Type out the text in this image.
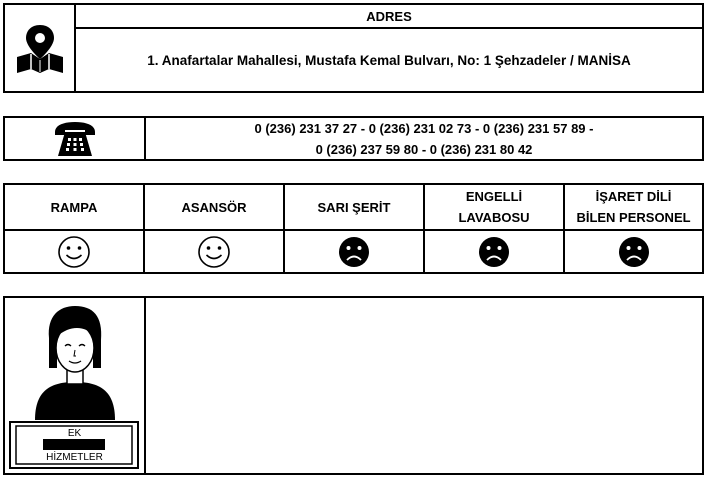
ADRES
1. Anafartalar Mahallesi, Mustafa Kemal Bulvarı, No: 1 Şehzadeler / MANİSA
0 (236) 231 37 27 - 0 (236) 231 02 73 - 0 (236) 231 57 89 -
0 (236) 237 59 80 - 0 (236) 231 80 42
RAMPA	ASANSÖR	SARI ŞERİT
ENGELLİ
LAVABOSU
İŞARET DİLİ
BİLEN PERSONEL
EK
HİZMETLER
